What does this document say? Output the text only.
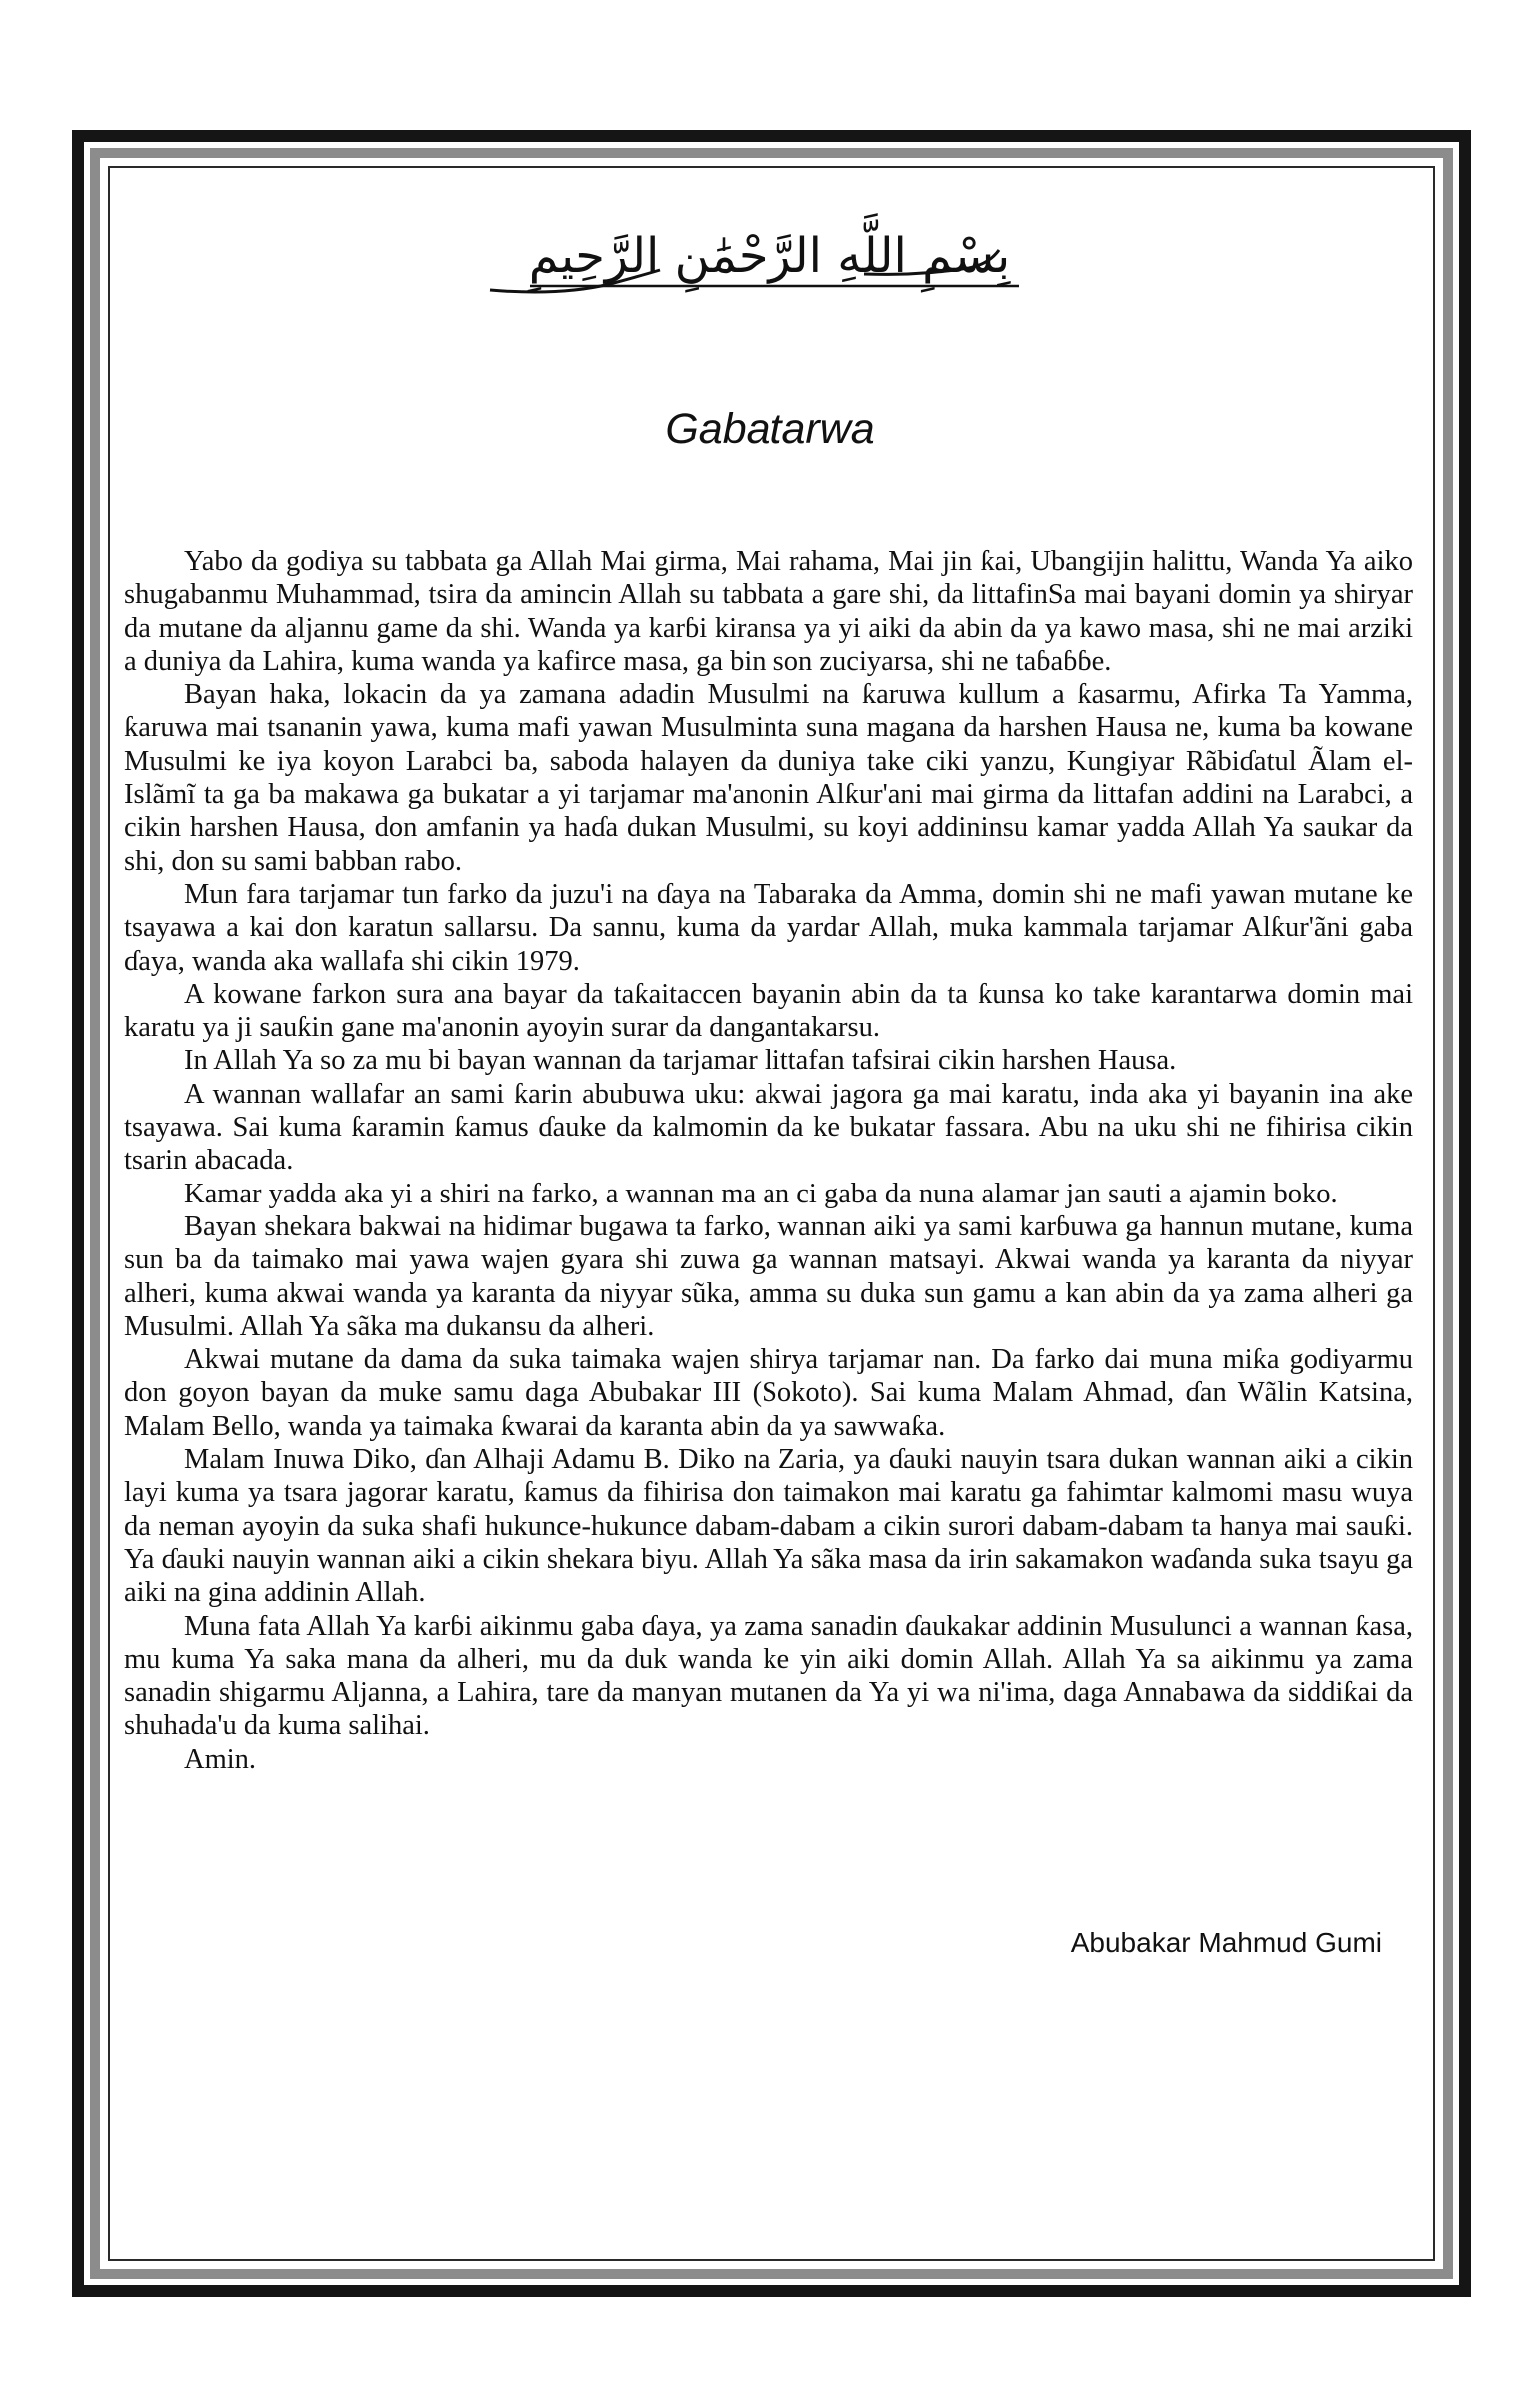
بِسْمِ اللَّهِ الرَّحْمَٰنِ الرَّحِيمِ
Gabatarwa

Yabo da godiya su tabbata ga Allah Mai girma, Mai rahama, Mai jin ƙai, Ubangijin halittu, Wanda Ya aiko shugabanmu Muhammad, tsira da amincin Allah su tabbata a gare shi, da littafinSa mai bayani domin ya shiryar da mutane da aljannu game da shi. Wanda ya karɓi kiransa ya yi aiki da abin da ya kawo masa, shi ne mai arziki a duniya da Lahira, kuma wanda ya kafirce masa, ga bin son zuciyarsa, shi ne taɓaɓɓe.

Bayan haka, lokacin da ya zamana adadin Musulmi na ƙaruwa kullum a ƙasarmu, Afirka Ta Yamma, ƙaruwa mai tsananin yawa, kuma mafi yawan Musulminta suna magana da harshen Hausa ne, kuma ba kowane Musulmi ke iya koyon Larabci ba, saboda halayen da duniya take ciki yanzu, Kungiyar Rãbiɗatul Ãlam el-Islãmĩ ta ga ba makawa ga bukatar a yi tarjamar ma'anonin Alƙur'ani mai girma da littafan addini na Larabci, a cikin harshen Hausa, don amfanin ya haɗa dukan Musulmi, su koyi addininsu kamar yadda Allah Ya saukar da shi, don su sami babban rabo.

Mun fara tarjamar tun farko da juzu'i na ɗaya na Tabaraka da Amma, domin shi ne mafi yawan mutane ke tsayawa a kai don karatun sallarsu. Da sannu, kuma da yardar Allah, muka kammala tarjamar Alƙur'ãni gaba ɗaya, wanda aka wallafa shi cikin 1979.

A kowane farkon sura ana bayar da taƙaitaccen bayanin abin da ta ƙunsa ko take karantarwa domin mai karatu ya ji sauƙin gane ma'anonin ayoyin surar da dangantakarsu.

In Allah Ya so za mu bi bayan wannan da tarjamar littafan tafsirai cikin harshen Hausa.

A wannan wallafar an sami ƙarin abubuwa uku: akwai jagora ga mai karatu, inda aka yi bayanin ina ake tsayawa. Sai kuma ƙaramin ƙamus ɗauke da kalmomin da ke bukatar fassara. Abu na uku shi ne fihirisa cikin tsarin abacada.

Kamar yadda aka yi a shiri na farko, a wannan ma an ci gaba da nuna alamar jan sauti a ajamin boko.

Bayan shekara bakwai na hidimar bugawa ta farko, wannan aiki ya sami karɓuwa ga hannun mutane, kuma sun ba da taimako mai yawa wajen gyara shi zuwa ga wannan matsayi. Akwai wanda ya karanta da niyyar alheri, kuma akwai wanda ya karanta da niyyar sũka, amma su duka sun gamu a kan abin da ya zama alheri ga Musulmi. Allah Ya sãka ma dukansu da alheri.

Akwai mutane da dama da suka taimaka wajen shirya tarjamar nan. Da farko dai muna miƙa godiyarmu don goyon bayan da muke samu daga Abubakar III (Sokoto). Sai kuma Malam Ahmad, ɗan Wãlin Katsina, Malam Bello, wanda ya taimaka ƙwarai da karanta abin da ya sawwaƙa.

Malam Inuwa Diko, ɗan Alhaji Adamu B. Diko na Zaria, ya ɗauki nauyin tsara dukan wannan aiki a cikin layi kuma ya tsara jagorar karatu, ƙamus da fihirisa don taimakon mai karatu ga fahimtar kalmomi masu wuya da neman ayoyin da suka shafi hukunce-hukunce dabam-dabam a cikin surori dabam-dabam ta hanya mai sauƙi. Ya ɗauki nauyin wannan aiki a cikin shekara biyu. Allah Ya sãka masa da irin sakamakon waɗanda suka tsayu ga aiki na gina addinin Allah.

Muna fata Allah Ya karɓi aikinmu gaba ɗaya, ya zama sanadin ɗaukakar addinin Musulunci a wannan ƙasa, mu kuma Ya saka mana da alheri, mu da duk wanda ke yin aiki domin Allah. Allah Ya sa aikinmu ya zama sanadin shigarmu Aljanna, a Lahira, tare da manyan mutanen da Ya yi wa ni'ima, daga Annabawa da siddiƙai da shuhada'u da kuma salihai.

Amin.

Abubakar Mahmud Gumi
